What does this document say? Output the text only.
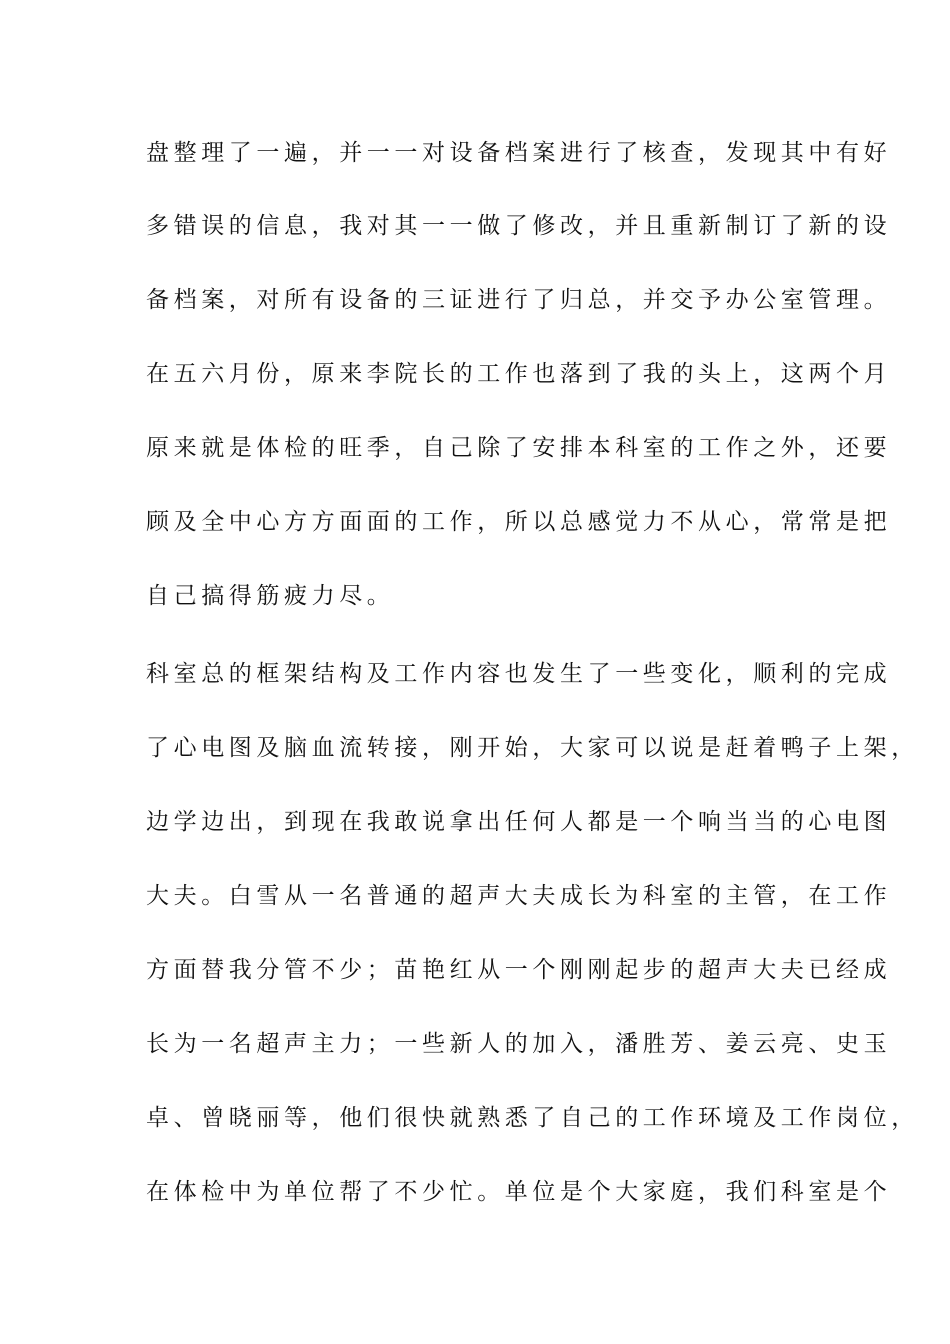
盘整理了一遍，并一一对设备档案进行了核查，发现其中有好
多错误的信息，我对其一一做了修改，并且重新制订了新的设
备档案，对所有设备的三证进行了归总，并交予办公室管理。
在五六月份，原来李院长的工作也落到了我的头上，这两个月
原来就是体检的旺季，自己除了安排本科室的工作之外，还要
顾及全中心方方面面的工作，所以总感觉力不从心，常常是把
自己搞得筋疲力尽。
科室总的框架结构及工作内容也发生了一些变化，顺利的完成
了心电图及脑血流转接，刚开始，大家可以说是赶着鸭子上架，
边学边出，到现在我敢说拿出任何人都是一个响当当的心电图
大夫。白雪从一名普通的超声大夫成长为科室的主管，在工作
方面替我分管不少；苗艳红从一个刚刚起步的超声大夫已经成
长为一名超声主力；一些新人的加入，潘胜芳、姜云亮、史玉
卓、曾晓丽等，他们很快就熟悉了自己的工作环境及工作岗位，
在体检中为单位帮了不少忙。单位是个大家庭，我们科室是个
